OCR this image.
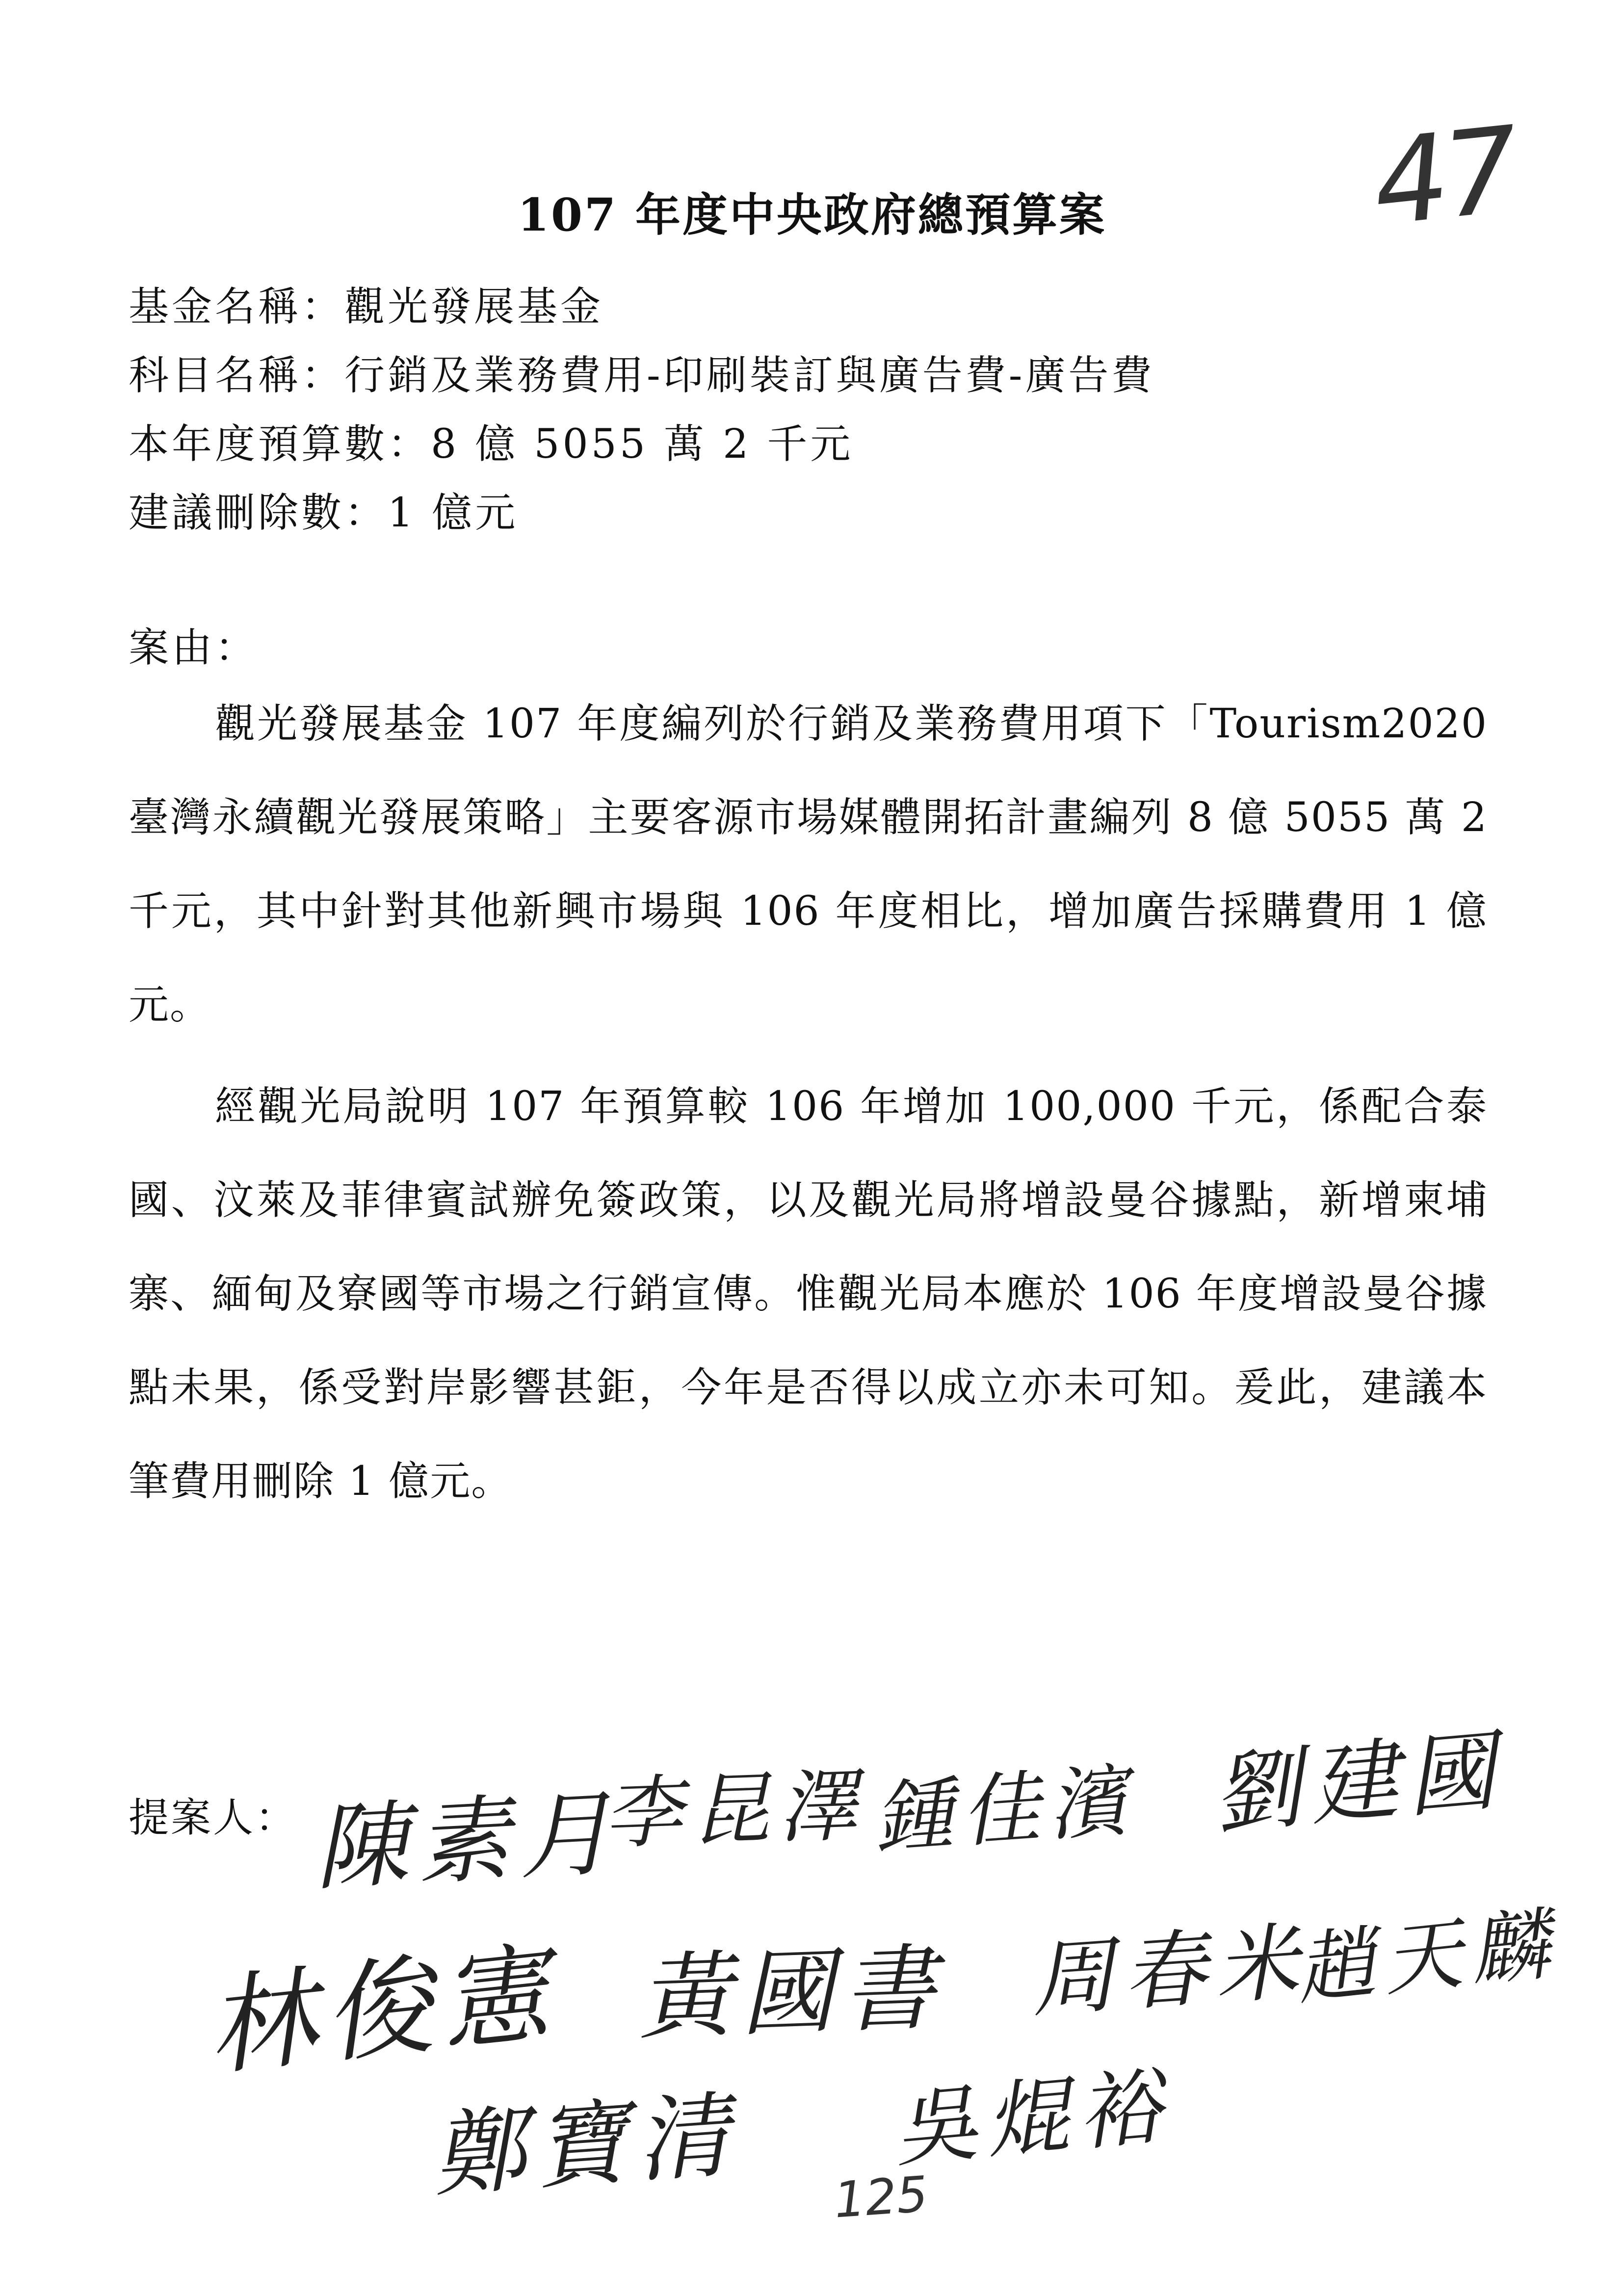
47
107 年度中央政府總預算案
基金名稱：觀光發展基金
科目名稱：行銷及業務費用-印刷裝訂與廣告費-廣告費
本年度預算數：8 億 5055 萬 2 千元
建議刪除數：1 億元
案由：
觀光發展基金 107 年度編列於行銷及業務費用項下「Tourism2020臺灣永續觀光發展策略」主要客源市場媒體開拓計畫編列 8 億 5055 萬 2千元，其中針對其他新興市場與 106 年度相比，增加廣告採購費用 1 億元。
經觀光局說明 107 年預算較 106 年增加 100,000 千元，係配合泰國、汶萊及菲律賓試辦免簽政策，以及觀光局將增設曼谷據點，新增柬埔寨、緬甸及寮國等市場之行銷宣傳。惟觀光局本應於 106 年度增設曼谷據點未果，係受對岸影響甚鉅，今年是否得以成立亦未可知。爰此，建議本筆費用刪除 1 億元。
提案人： 陳素月
李昆澤 鍾佳濱 劉建國
林俊憲 黃國書 周春米
趙天麟
鄭寶清 吳焜裕
125
